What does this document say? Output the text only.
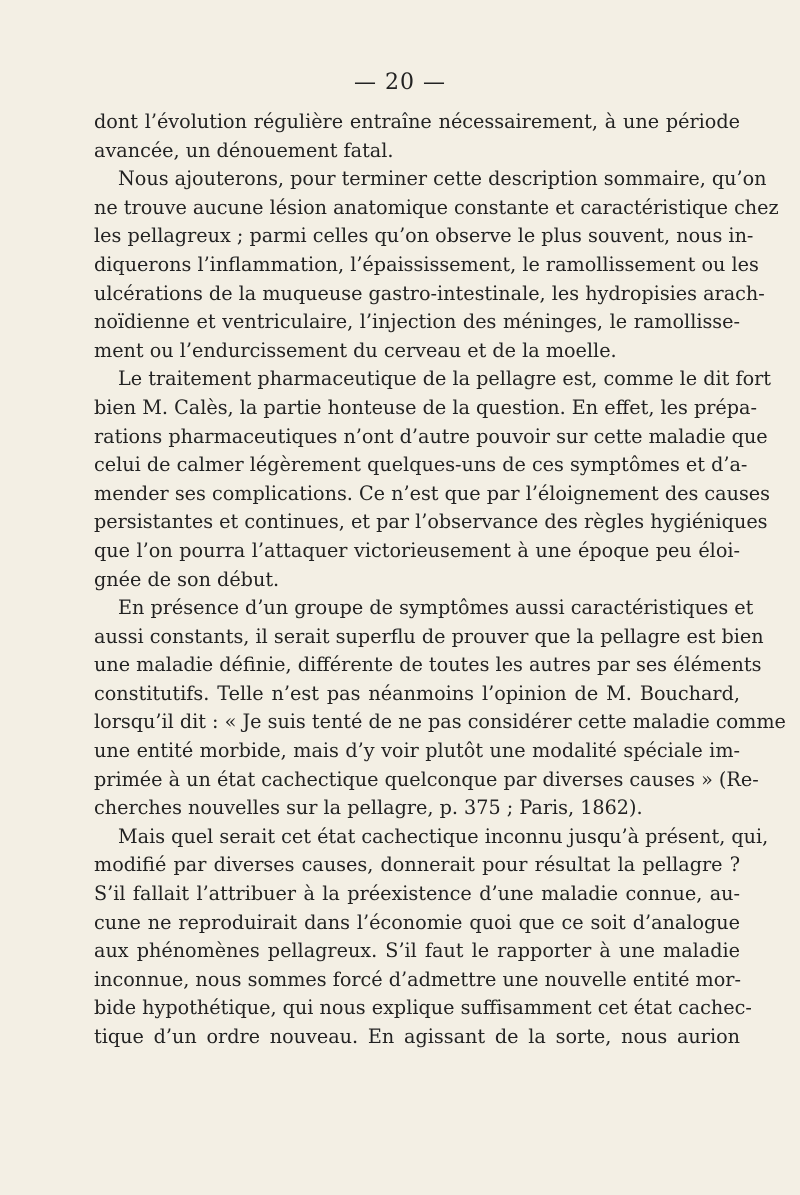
— 20 —
dont l’évolution régulière entraîne nécessairement, à une période
avancée, un dénouement fatal.
Nous ajouterons, pour terminer cette description sommaire, qu’on
ne trouve aucune lésion anatomique constante et caractéristique chez
les pellagreux ; parmi celles qu’on observe le plus souvent, nous in-
diquerons l’inflammation, l’épaississement, le ramollissement ou les
ulcérations de la muqueuse gastro-intestinale, les hydropisies arach-
noïdienne et ventriculaire, l’injection des méninges, le ramollisse-
ment ou l’endurcissement du cerveau et de la moelle.
Le traitement pharmaceutique de la pellagre est, comme le dit fort
bien M. Calès, la partie honteuse de la question. En effet, les prépa-
rations pharmaceutiques n’ont d’autre pouvoir sur cette maladie que
celui de calmer légèrement quelques-uns de ces symptômes et d’a-
mender ses complications. Ce n’est que par l’éloignement des causes
persistantes et continues, et par l’observance des règles hygiéniques
que l’on pourra l’attaquer victorieusement à une époque peu éloi-
gnée de son début.
En présence d’un groupe de symptômes aussi caractéristiques et
aussi constants, il serait superflu de prouver que la pellagre est bien
une maladie définie, différente de toutes les autres par ses éléments
constitutifs. Telle n’est pas néanmoins l’opinion de M. Bouchard,
lorsqu’il dit : « Je suis tenté de ne pas considérer cette maladie comme
une entité morbide, mais d’y voir plutôt une modalité spéciale im-
primée à un état cachectique quelconque par diverses causes » (Re-
cherches nouvelles sur la pellagre, p. 375 ; Paris, 1862).
Mais quel serait cet état cachectique inconnu jusqu’à présent, qui,
modifié par diverses causes, donnerait pour résultat la pellagre ?
S’il fallait l’attribuer à la préexistence d’une maladie connue, au-
cune ne reproduirait dans l’économie quoi que ce soit d’analogue
aux phénomènes pellagreux. S’il faut le rapporter à une maladie
inconnue, nous sommes forcé d’admettre une nouvelle entité mor-
bide hypothétique, qui nous explique suffisamment cet état cachec-
tique d’un ordre nouveau. En agissant de la sorte, nous aurion
